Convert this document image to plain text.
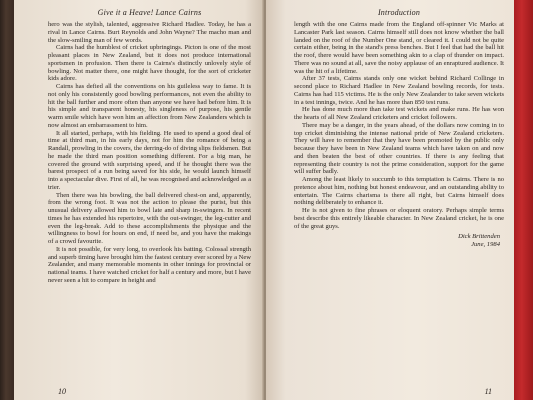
Give it a Heave! Lance Cairns

hero was the stylish, talented, aggressive Richard Hadlee. Today, he has a rival in Lance Cairns. Burt Reynolds and John Wayne? The macho man and the slow-smiling man of few words.

Cairns had the humblest of cricket upbringings. Picton is one of the most pleasant places in New Zealand, but it does not produce international sportsmen in profusion. Then there is Cairns's distinctly unlovely style of bowling. Not matter there, one might have thought, for the sort of cricketer kids adore.

Cairns has defied all the conventions on his guileless way to fame. It is not only his consistently good bowling performances, not even the ability to hit the ball further and more often than anyone we have had before him. It is his simple and transparent honesty, his singleness of purpose, his gentle warm smile which have won him an affection from New Zealanders which is now almost an embarrassment to him.

It all started, perhaps, with his fielding. He used to spend a good deal of time at third man, in his early days, not for him the romance of being a Randall, prowling in the covers, the derring-do of diving slips fieldsmen. But he made the third man position something different. For a big man, he covered the ground with surprising speed, and if he thought there was the barest prospect of a run being saved for his side, he would launch himself into a spectacular dive. First of all, he was recognised and acknowledged as a trier.

Then there was his bowling, the ball delivered chest-on and, apparently, from the wrong foot. It was not the action to please the purist, but this unusual delivery allowed him to bowl late and sharp in-swingers. In recent times he has extended his repertoire, with the out-swinger, the leg-cutter and even the leg-break. Add to these accomplishments the physique and the willingness to bowl for hours on end, if need be, and you have the makings of a crowd favourite.

It is not possible, for very long, to overlook his batting. Colossal strength and superb timing have brought him the fastest century ever scored by a New Zealander, and many memorable moments in other innings for provincial or national teams. I have watched cricket for half a century and more, but I have never seen a hit to compare in height and

10
Introduction

length with the one Cairns made from the England off-spinner Vic Marks at Lancaster Park last season. Cairns himself still does not know whether the ball landed on the roof of the Number One stand, or cleared it. I could not be quite certain either, being in the stand's press benches. But I feel that had the ball hit the roof, there would have been something akin to a clap of thunder on impact. There was no sound at all, save the noisy applause of an enraptured audience. It was the hit of a lifetime.

After 37 tests, Cairns stands only one wicket behind Richard Collinge in second place to Richard Hadlee in New Zealand bowling records, for tests. Cairns has had 115 victims. He is the only New Zealander to take seven wickets in a test innings, twice. And he has more than 850 test runs.

He has done much more than take test wickets and make runs. He has won the hearts of all New Zealand cricketers and cricket followers.

There may be a danger, in the years ahead, of the dollars now coming in to top cricket diminishing the intense national pride of New Zealand cricketers. They will have to remember that they have been promoted by the public only because they have been in New Zealand teams which have taken on and now and then beaten the best of other countries. If there is any feeling that representing their country is not the prime consideration, support for the game will suffer badly.

Among the least likely to succumb to this temptation is Cairns. There is no pretence about him, nothing but honest endeavour, and an outstanding ability to entertain. The Cairns charisma is there all right, but Cairns himself does nothing deliberately to enhance it.

He is not given to fine phrases or eloquent oratory. Perhaps simple terms best describe this entirely likeable character. In New Zealand cricket, he is one of the great guys.

Dick Brittenden
June, 1984
11
